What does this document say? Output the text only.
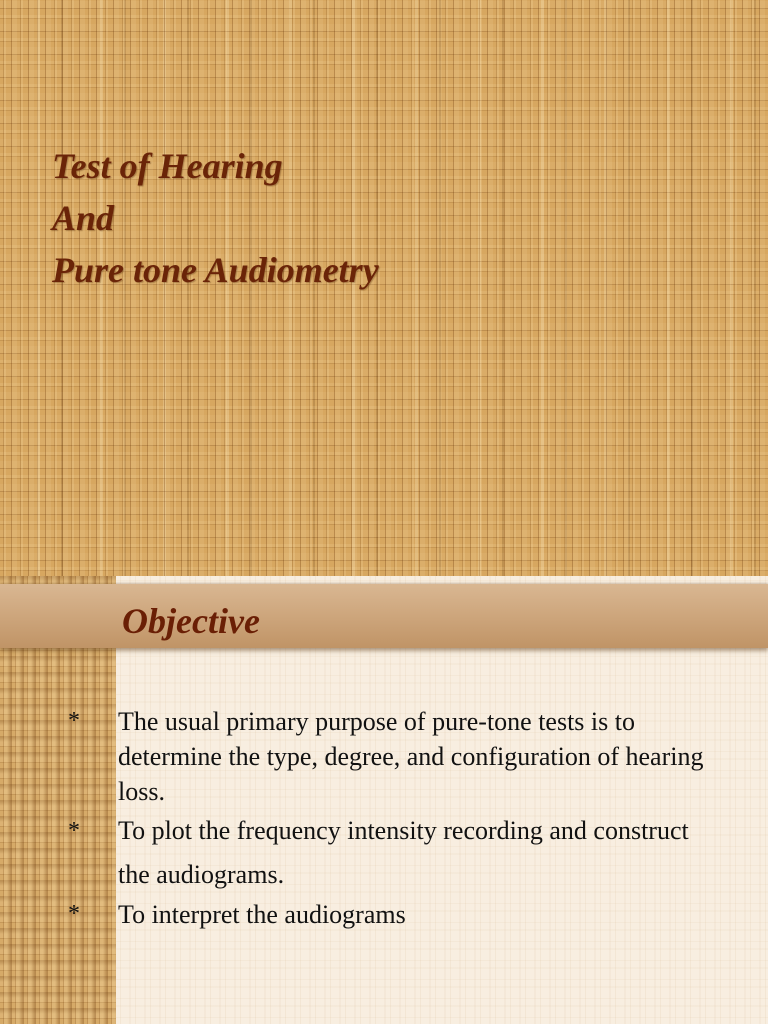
Test of Hearing
And
Pure tone Audiometry
Objective
* The usual primary purpose of pure-tone tests is to determine the type, degree, and configuration of hearing loss.
* To plot the frequency intensity recording and construct the audiograms.
* To interpret the audiograms
